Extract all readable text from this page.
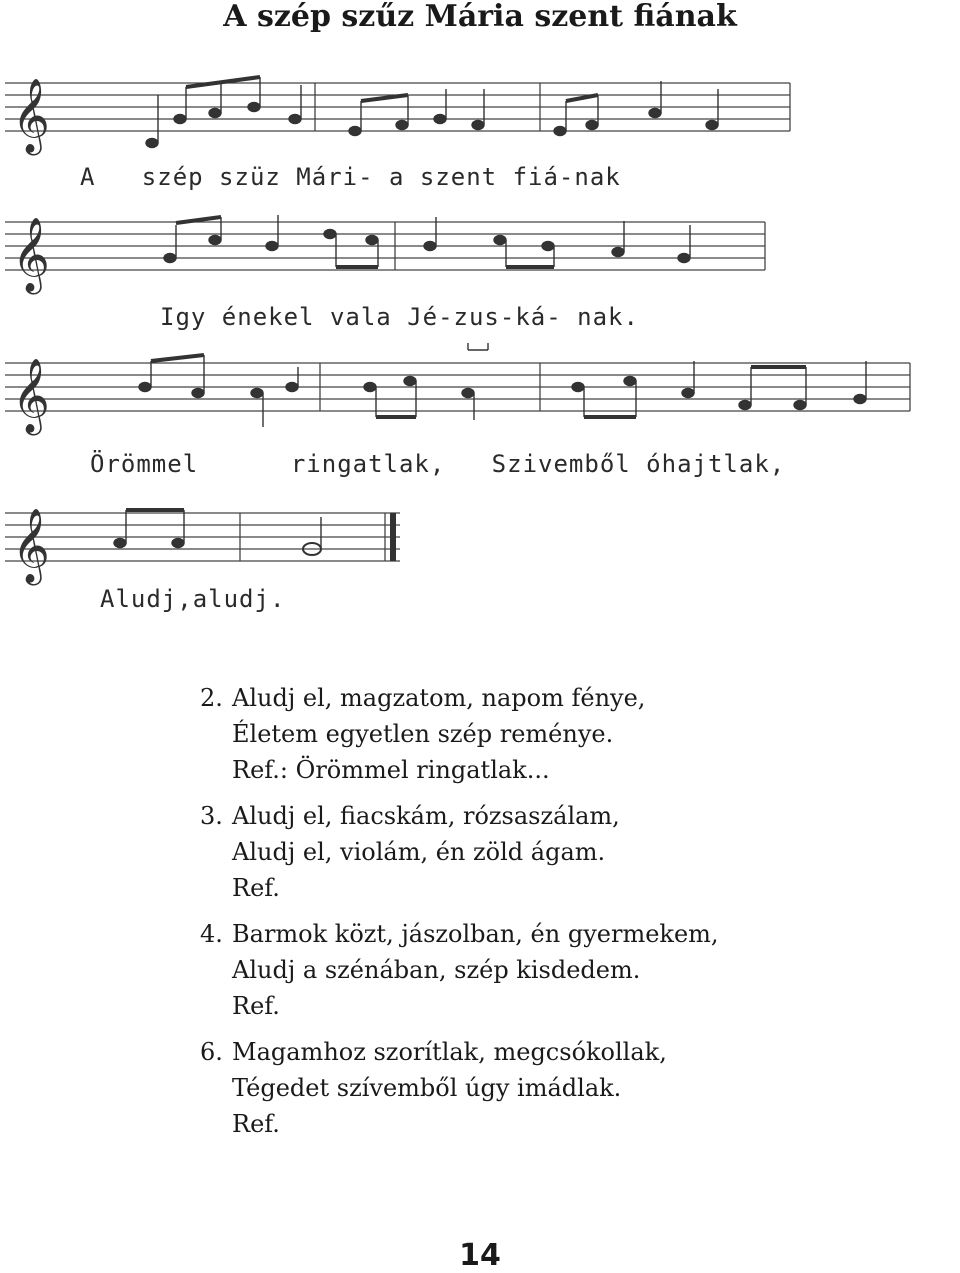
A szép szűz Mária szent fiának
𝄞
𝄞
𝄞
𝄞
A   szép szüz Mári- a szent fiá-nak
Igy énekel vala Jé-zus-ká- nak.
Örömmel      ringatlak,   Szivemből óhajtlak,
Aludj,aludj.
2. Aludj el, magzatom, napom fénye,
Életem egyetlen szép reménye.
Ref.: Örömmel ringatlak...
3. Aludj el, fiacskám, rózsaszálam,
Aludj el, violám, én zöld ágam.
Ref.
4. Barmok közt, jászolban, én gyermekem,
Aludj a szénában, szép kisdedem.
Ref.
6. Magamhoz szorítlak, megcsókollak,
Tégedet szívemből úgy imádlak.
Ref.
14
